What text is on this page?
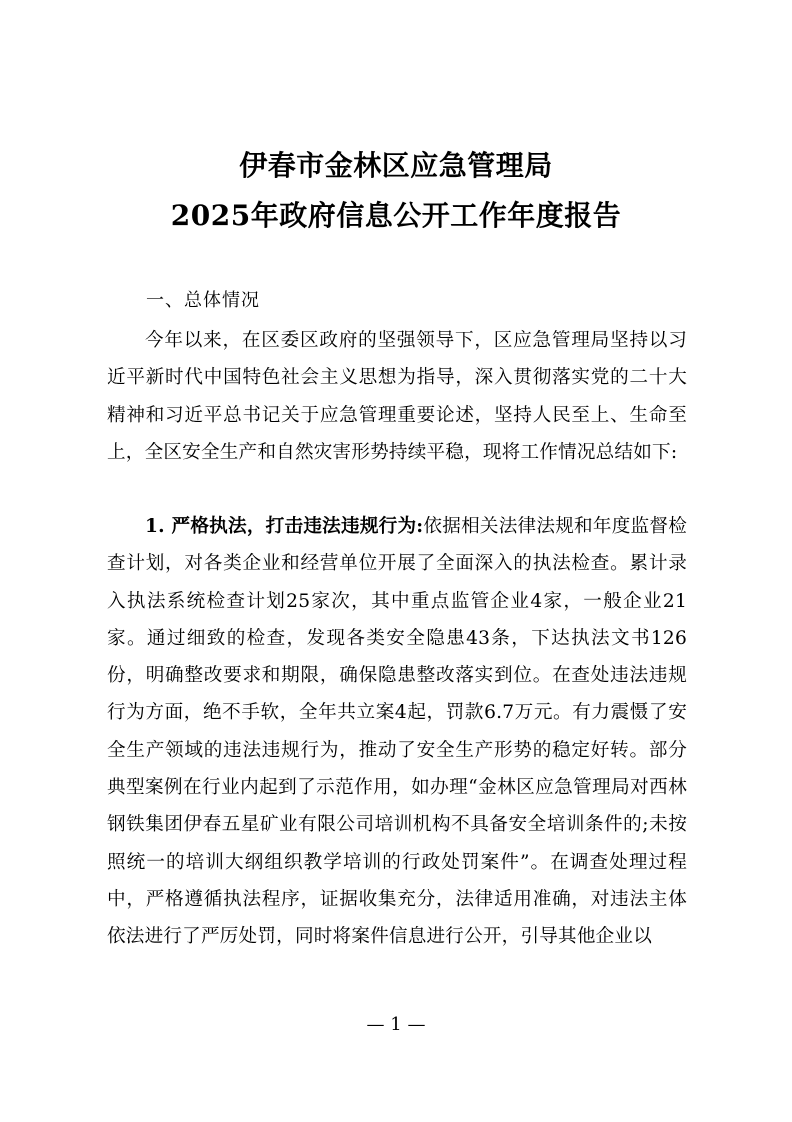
伊春市金林区应急管理局
2025年政府信息公开工作年度报告
一、总体情况

今年以来，在区委区政府的坚强领导下，区应急管理局坚持以习近平新时代中国特色社会主义思想为指导，深入贯彻落实党的二十大精神和习近平总书记关于应急管理重要论述，坚持人民至上、生命至上，全区安全生产和自然灾害形势持续平稳，现将工作情况总结如下:

1. 严格执法，打击违法违规行为:依据相关法律法规和年度监督检查计划，对各类企业和经营单位开展了全面深入的执法检查。累计录入执法系统检查计划25家次，其中重点监管企业4家，一般企业21家。通过细致的检查，发现各类安全隐患43条，下达执法文书126份，明确整改要求和期限，确保隐患整改落实到位。在查处违法违规行为方面，绝不手软，全年共立案4起，罚款6.7万元。有力震慑了安全生产领域的违法违规行为，推动了安全生产形势的稳定好转。部分典型案例在行业内起到了示范作用，如办理“金林区应急管理局对西林钢铁集团伊春五星矿业有限公司培训机构不具备安全培训条件的;未按照统一的培训大纲组织教学培训的行政处罚案件”。在调查处理过程中，严格遵循执法程序，证据收集充分，法律适用准确，对违法主体依法进行了严厉处罚，同时将案件信息进行公开，引导其他企业以

— 1 —
